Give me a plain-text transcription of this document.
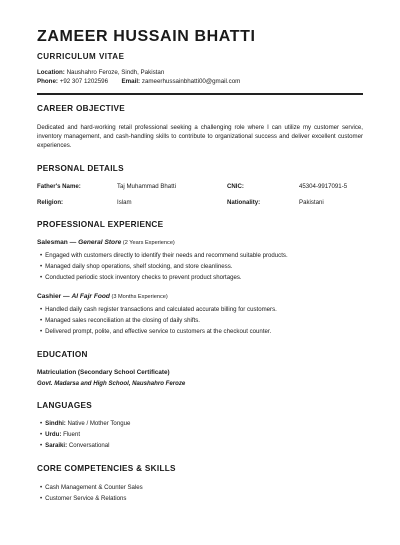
ZAMEER HUSSAIN BHATTI
CURRICULUM VITAE
Location: Naushahro Feroze, Sindh, Pakistan
Phone: +92 307 1202596 Email: zameerhussainbhatti00@gmail.com
CAREER OBJECTIVE
Dedicated and hard-working retail professional seeking a challenging role where I can utilize my customer service, inventory management, and cash-handling skills to contribute to organizational success and deliver excellent customer experiences.
PERSONAL DETAILS
Father's Name:	Taj Muhammad Bhatti	CNIC:	45304-9917091-5
Religion:	Islam	Nationality:	Pakistani
PROFESSIONAL EXPERIENCE
Salesman — General Store (2 Years Experience)
• Engaged with customers directly to identify their needs and recommend suitable products.
• Managed daily shop operations, shelf stocking, and store cleanliness.
• Conducted periodic stock inventory checks to prevent product shortages.
Cashier — Al Fajr Food (3 Months Experience)
• Handled daily cash register transactions and calculated accurate billing for customers.
• Managed sales reconciliation at the closing of daily shifts.
• Delivered prompt, polite, and effective service to customers at the checkout counter.
EDUCATION
Matriculation (Secondary School Certificate)
Govt. Madarsa and High School, Naushahro Feroze
LANGUAGES
• Sindhi: Native / Mother Tongue
• Urdu: Fluent
• Saraiki: Conversational
CORE COMPETENCIES & SKILLS
• Cash Management & Counter Sales
• Customer Service & Relations
